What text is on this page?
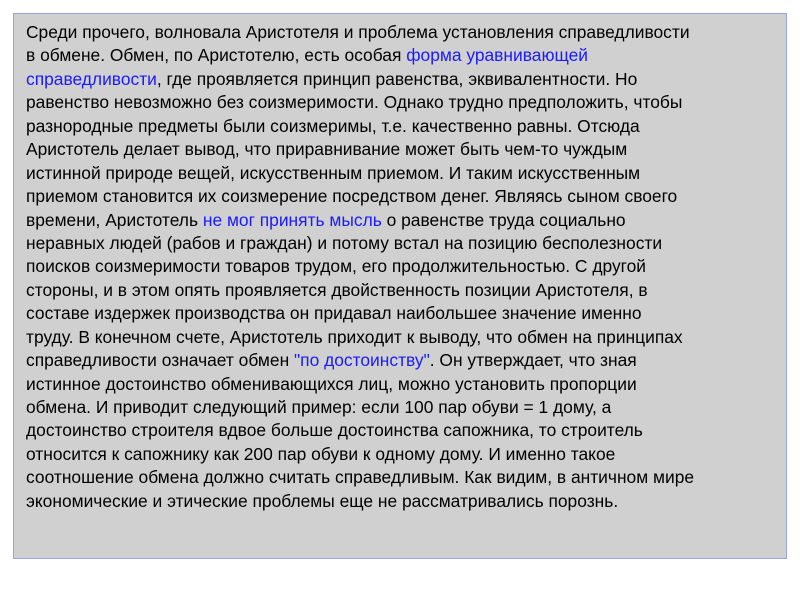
Среди прочего, волновала Аристотеля и проблема установления справедливости
в обмене. Обмен, по Аристотелю, есть особая форма уравнивающей
справедливости, где проявляется принцип равенства, эквивалентности. Но
равенство невозможно без соизмеримости. Однако трудно предположить, чтобы
разнородные предметы были соизмеримы, т.е. качественно равны. Отсюда
Аристотель делает вывод, что приравнивание может быть чем-то чуждым
истинной природе вещей, искусственным приемом. И таким искусственным
приемом становится их соизмерение посредством денег. Являясь сыном своего
времени, Аристотель не мог принять мысль о равенстве труда социально
неравных людей (рабов и граждан) и потому встал на позицию бесполезности
поисков соизмеримости товаров трудом, его продолжительностью. С другой
стороны, и в этом опять проявляется двойственность позиции Аристотеля, в
составе издержек производства он придавал наибольшее значение именно
труду. В конечном счете, Аристотель приходит к выводу, что обмен на принципах
справедливости означает обмен "по достоинству". Он утверждает, что зная
истинное достоинство обменивающихся лиц, можно установить пропорции
обмена. И приводит следующий пример: если 100 пар обуви = 1 дому, а
достоинство строителя вдвое больше достоинства сапожника, то строитель
относится к сапожнику как 200 пар обуви к одному дому. И именно такое
соотношение обмена должно считать справедливым. Как видим, в античном мире
экономические и этические проблемы еще не рассматривались порознь.
